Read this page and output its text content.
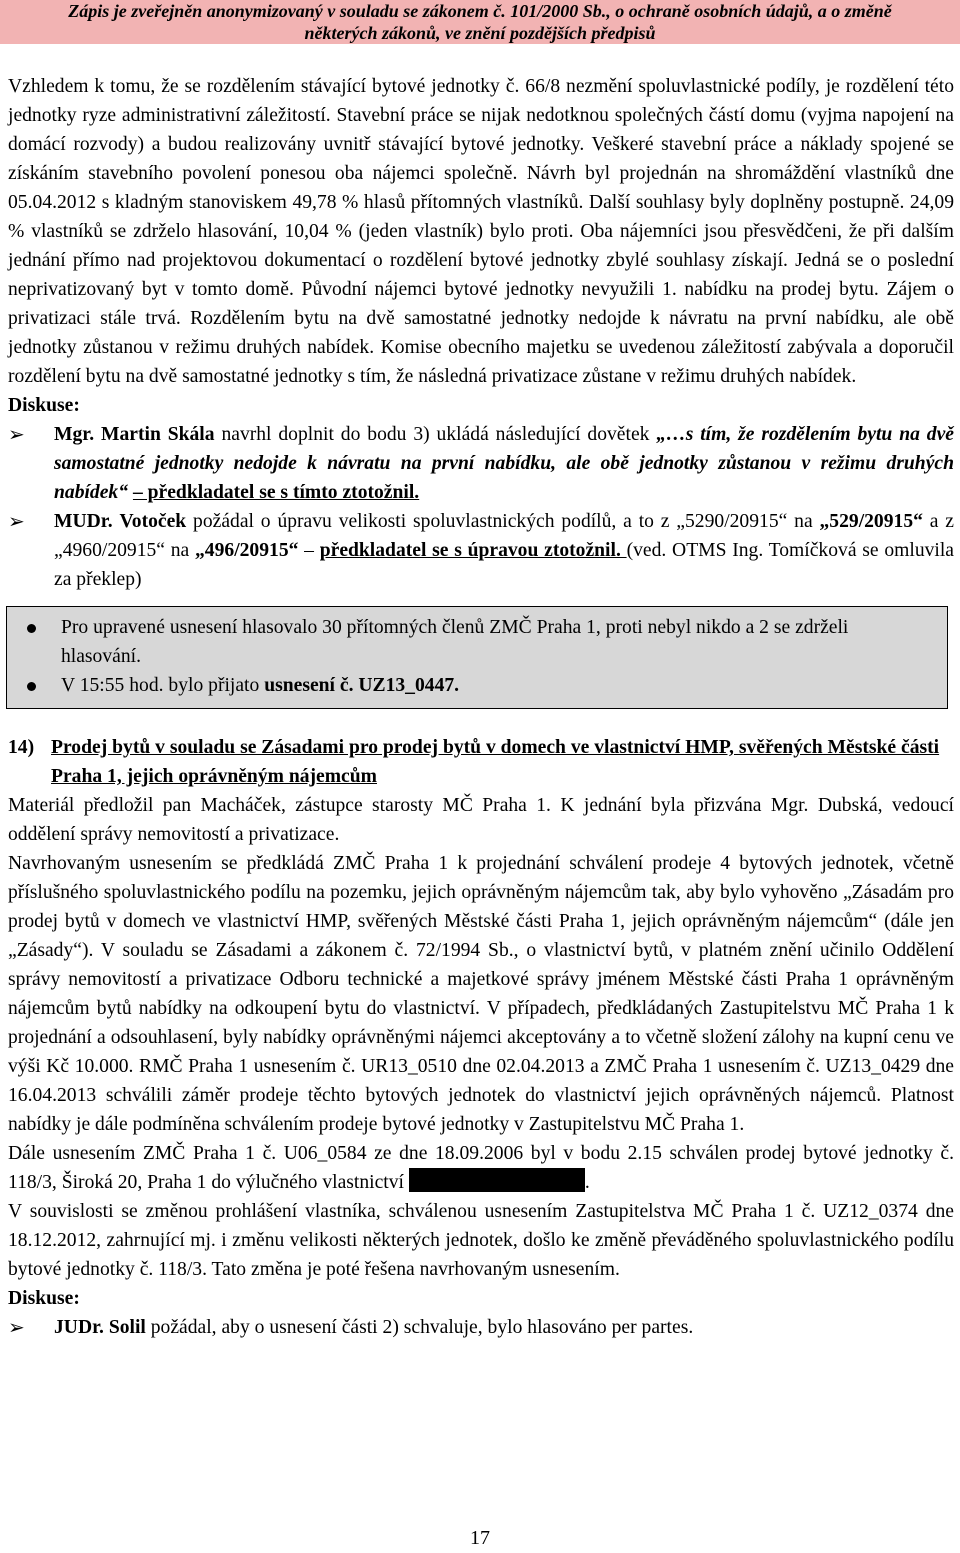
Zápis je zveřejněn anonymizovaný v souladu se zákonem č. 101/2000 Sb., o ochraně osobních údajů, a o změně
některých zákonů, ve znění pozdějších předpisů

Vzhledem k tomu, že se rozdělením stávající bytové jednotky č. 66/8 nezmění spoluvlastnické podíly, je rozdělení této jednotky ryze administrativní záležitostí. Stavební práce se nijak nedotknou společných částí domu (vyjma napojení na domácí rozvody) a budou realizovány uvnitř stávající bytové jednotky. Veškeré stavební práce a náklady spojené se získáním stavebního povolení ponesou oba nájemci společně. Návrh byl projednán na shromáždění vlastníků dne 05.04.2012 s kladným stanoviskem 49,78 % hlasů přítomných vlastníků. Další souhlasy byly doplněny postupně. 24,09 % vlastníků se zdrželo hlasování, 10,04 % (jeden vlastník) bylo proti. Oba nájemníci jsou přesvědčeni, že při dalším jednání přímo nad projektovou dokumentací o rozdělení bytové jednotky zbylé souhlasy získají. Jedná se o poslední neprivatizovaný byt v tomto domě. Původní nájemci bytové jednotky nevyužili 1. nabídku na prodej bytu. Zájem o privatizaci stále trvá. Rozdělením bytu na dvě samostatné jednotky nedojde k návratu na první nabídku, ale obě jednotky zůstanou v režimu druhých nabídek. Komise obecního majetku se uvedenou záležitostí zabývala a doporučil rozdělení bytu na dvě samostatné jednotky s tím, že následná privatizace zůstane v režimu druhých nabídek.

Diskuse:
➢ Mgr. Martin Skála navrhl doplnit do bodu 3) ukládá následující dovětek „…s tím, že rozdělením bytu na dvě samostatné jednotky nedojde k návratu na první nabídku, ale obě jednotky zůstanou v režimu druhých nabídek“ – předkladatel se s tímto ztotožnil.
➢ MUDr. Votoček požádal o úpravu velikosti spoluvlastnických podílů, a to z „5290/20915“ na „529/20915“ a z „4960/20915“ na „496/20915“ – předkladatel se s úpravou ztotožnil. (ved. OTMS Ing. Tomíčková se omluvila za překlep)
Pro upravené usnesení hlasovalo 30 přítomných členů ZMČ Praha 1, proti nebyl nikdo a 2 se zdrželi hlasování.
V 15:55 hod. bylo přijato usnesení č. UZ13_0447.
14) Prodej bytů v souladu se Zásadami pro prodej bytů v domech ve vlastnictví HMP, svěřených Městské části Praha 1, jejich oprávněným nájemcům

Materiál předložil pan Macháček, zástupce starosty MČ Praha 1. K jednání byla přizvána Mgr. Dubská, vedoucí oddělení správy nemovitostí a privatizace.

Navrhovaným usnesením se předkládá ZMČ Praha 1 k projednání schválení prodeje 4 bytových jednotek, včetně příslušného spoluvlastnického podílu na pozemku, jejich oprávněným nájemcům tak, aby bylo vyhověno „Zásadám pro prodej bytů v domech ve vlastnictví HMP, svěřených Městské části Praha 1, jejich oprávněným nájemcům“ (dále jen „Zásady“). V souladu se Zásadami a zákonem č. 72/1994 Sb., o vlastnictví bytů, v platném znění učinilo Oddělení správy nemovitostí a privatizace Odboru technické a majetkové správy jménem Městské části Praha 1 oprávněným nájemcům bytů nabídky na odkoupení bytu do vlastnictví. V případech, předkládaných Zastupitelstvu MČ Praha 1 k projednání a odsouhlasení, byly nabídky oprávněnými nájemci akceptovány a to včetně složení zálohy na kupní cenu ve výši Kč 10.000. RMČ Praha 1 usnesením č. UR13_0510 dne 02.04.2013 a ZMČ Praha 1 usnesením č. UZ13_0429 dne 16.04.2013 schválili záměr prodeje těchto bytových jednotek do vlastnictví jejich oprávněných nájemců. Platnost nabídky je dále podmíněna schválením prodeje bytové jednotky v Zastupitelstvu MČ Praha 1.

Dále usnesením ZMČ Praha 1 č. U06_0584 ze dne 18.09.2006 byl v bodu 2.15 schválen prodej bytové jednotky č. 118/3, Široká 20, Praha 1 do výlučného vlastnictví	.

V souvislosti se změnou prohlášení vlastníka, schválenou usnesením Zastupitelstva MČ Praha 1 č. UZ12_0374 dne 18.12.2012, zahrnující mj. i změnu velikosti některých jednotek, došlo ke změně převáděného spoluvlastnického podílu bytové jednotky č. 118/3. Tato změna je poté řešena navrhovaným usnesením.

Diskuse:
➢ JUDr. Solil požádal, aby o usnesení části 2) schvaluje, bylo hlasováno per partes.
17
